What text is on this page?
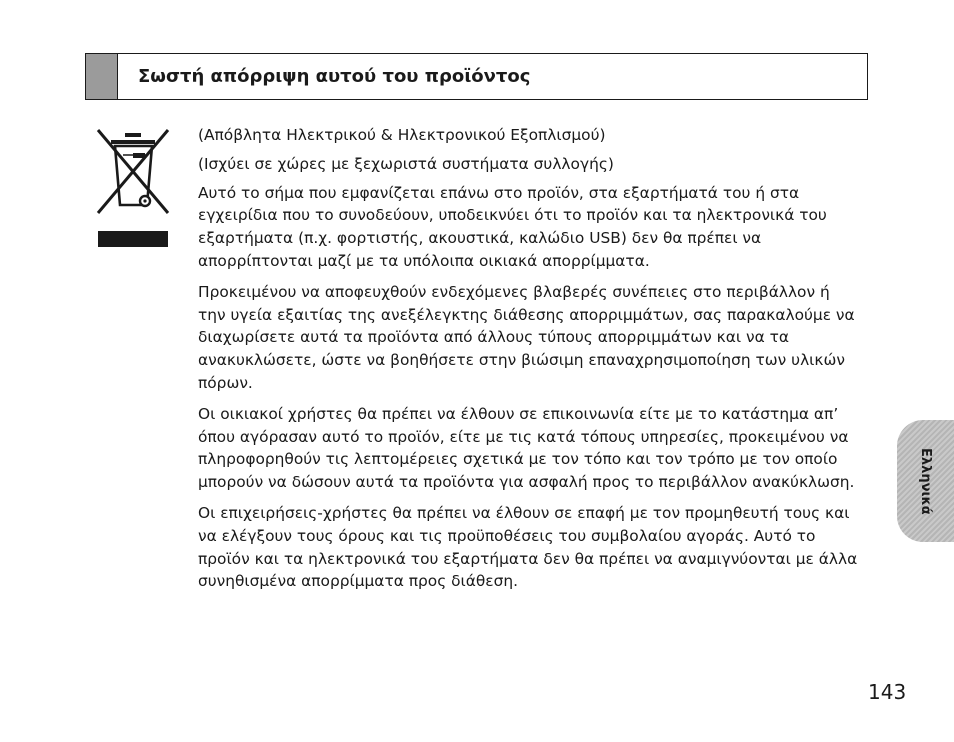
Σωστή απόρριψη αυτού του προϊόντος

(Απόβλητα Ηλεκτρικού & Ηλεκτρονικού Εξοπλισμού)

(Ισχύει σε χώρες με ξεχωριστά συστήματα συλλογής)

Αυτό το σήμα που εμφανίζεται επάνω στο προϊόν, στα εξαρτήματά του ή στα εγχειρίδια που το συνοδεύουν, υποδεικνύει ότι το προϊόν και τα ηλεκτρονικά του εξαρτήματα (π.χ. φορτιστής, ακουστικά, καλώδιο USB) δεν θα πρέπει να απορρίπτονται μαζί με τα υπόλοιπα οικιακά απορρίμματα.

Προκειμένου να αποφευχθούν ενδεχόμενες βλαβερές συνέπειες στο περιβάλλον ή την υγεία εξαιτίας της ανεξέλεγκτης διάθεσης απορριμμάτων, σας παρακαλούμε να διαχωρίσετε αυτά τα προϊόντα από άλλους τύπους απορριμμάτων και να τα ανακυκλώσετε, ώστε να βοηθήσετε στην βιώσιμη επαναχρησιμοποίηση των υλικών πόρων.

Οι οικιακοί χρήστες θα πρέπει να έλθουν σε επικοινωνία είτε με το κατάστημα απ’ όπου αγόρασαν αυτό το προϊόν, είτε με τις κατά τόπους υπηρεσίες, προκειμένου να πληροφορηθούν τις λεπτομέρειες σχετικά με τον τόπο και τον τρόπο με τον οποίο μπορούν να δώσουν αυτά τα προϊόντα για ασφαλή προς το περιβάλλον ανακύκλωση.

Οι επιχειρήσεις-χρήστες θα πρέπει να έλθουν σε επαφή με τον προμηθευτή τους και να ελέγξουν τους όρους και τις προϋποθέσεις του συμβολαίου αγοράς. Αυτό το προϊόν και τα ηλεκτρονικά του εξαρτήματα δεν θα πρέπει να αναμιγνύονται με άλλα συνηθισμένα απορρίμματα προς διάθεση.

Ελληνικά
143
